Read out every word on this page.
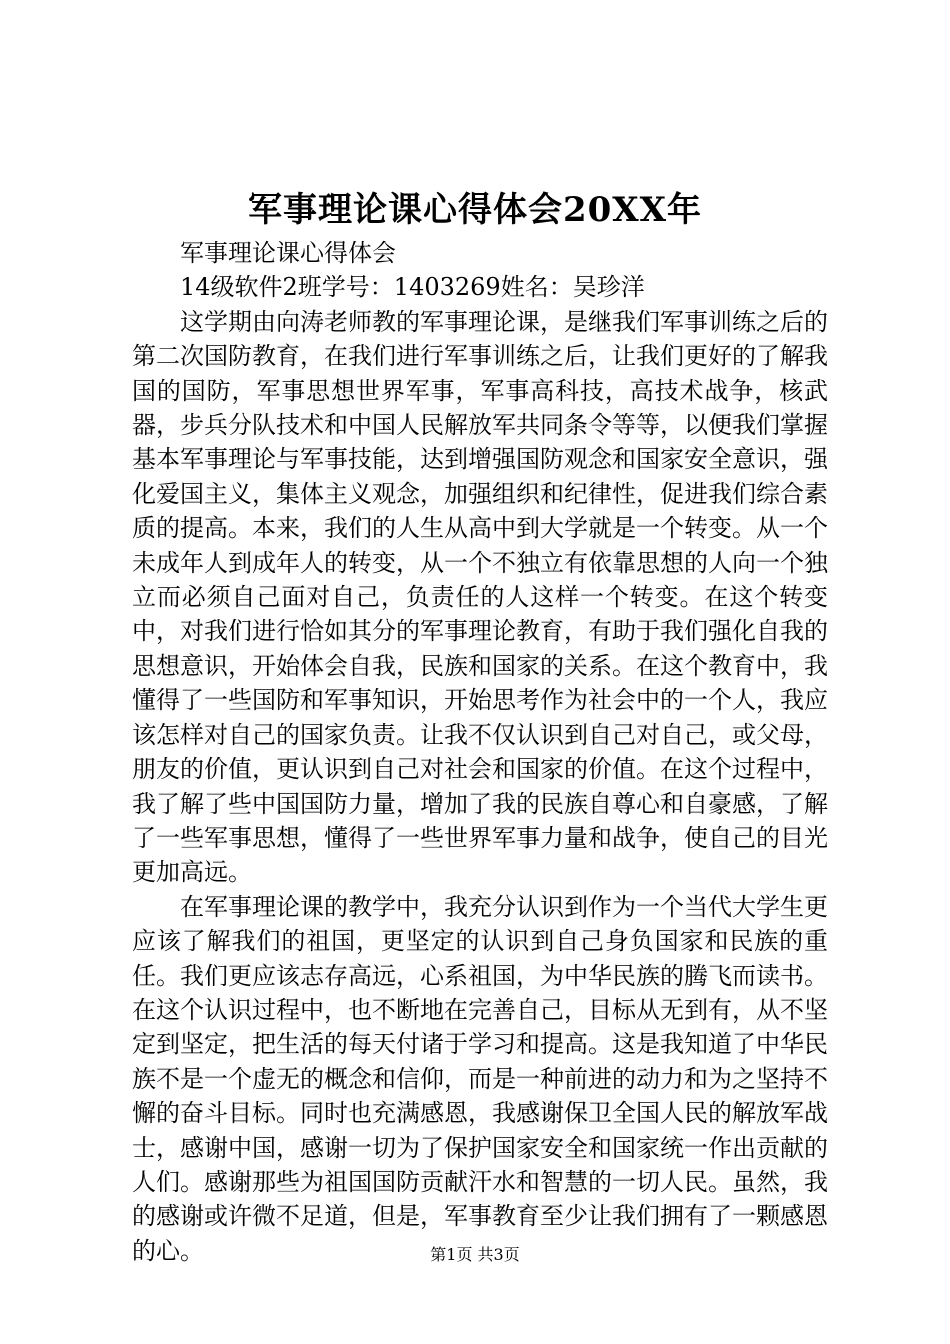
军事理论课心得体会20XX年

军事理论课心得体会

14级软件2班学号：1403269姓名：吴珍洋

这学期由向涛老师教的军事理论课，是继我们军事训练之后的第二次国防教育，在我们进行军事训练之后，让我们更好的了解我国的国防，军事思想世界军事，军事高科技，高技术战争，核武器，步兵分队技术和中国人民解放军共同条令等等，以便我们掌握基本军事理论与军事技能，达到增强国防观念和国家安全意识，强化爱国主义，集体主义观念，加强组织和纪律性，促进我们综合素质的提高。本来，我们的人生从高中到大学就是一个转变。从一个未成年人到成年人的转变，从一个不独立有依靠思想的人向一个独立而必须自己面对自己，负责任的人这样一个转变。在这个转变中，对我们进行恰如其分的军事理论教育，有助于我们强化自我的思想意识，开始体会自我，民族和国家的关系。在这个教育中，我懂得了一些国防和军事知识，开始思考作为社会中的一个人，我应该怎样对自己的国家负责。让我不仅认识到自己对自己，或父母，朋友的价值，更认识到自己对社会和国家的价值。在这个过程中，我了解了些中国国防力量，增加了我的民族自尊心和自豪感，了解了一些军事思想，懂得了一些世界军事力量和战争，使自己的目光更加高远。

在军事理论课的教学中，我充分认识到作为一个当代大学生更应该了解我们的祖国，更坚定的认识到自己身负国家和民族的重任。我们更应该志存高远，心系祖国，为中华民族的腾飞而读书。在这个认识过程中，也不断地在完善自己，目标从无到有，从不坚定到坚定，把生活的每天付诸于学习和提高。这是我知道了中华民族不是一个虚无的概念和信仰，而是一种前进的动力和为之坚持不懈的奋斗目标。同时也充满感恩，我感谢保卫全国人民的解放军战士，感谢中国，感谢一切为了保护国家安全和国家统一作出贡献的人们。感谢那些为祖国国防贡献汗水和智慧的一切人民。虽然，我的感谢或许微不足道，但是，军事教育至少让我们拥有了一颗感恩的心。	第1页 共3页
